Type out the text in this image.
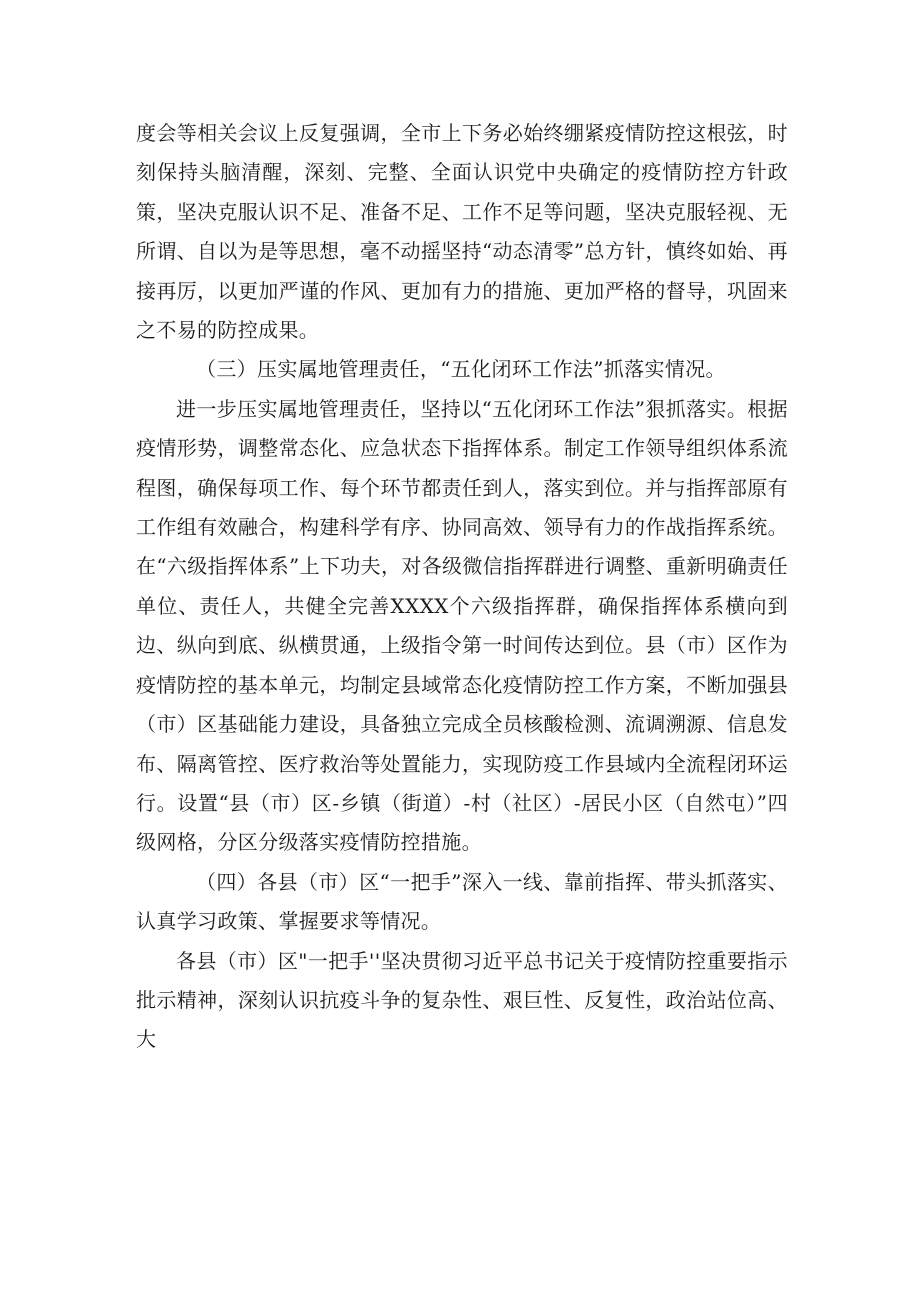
度会等相关会议上反复强调，全市上下务必始终绷紧疫情防控这根弦，时刻保持头脑清醒，深刻、完整、全面认识党中央确定的疫情防控方针政策，坚决克服认识不足、准备不足、工作不足等问题，坚决克服轻视、无所谓、自以为是等思想，毫不动摇坚持“动态清零”总方针，慎终如始、再接再厉，以更加严谨的作风、更加有力的措施、更加严格的督导，巩固来之不易的防控成果。

（三）压实属地管理责任，“五化闭环工作法”抓落实情况。

进一步压实属地管理责任，坚持以“五化闭环工作法”狠抓落实。根据疫情形势，调整常态化、应急状态下指挥体系。制定工作领导组织体系流程图，确保每项工作、每个环节都责任到人，落实到位。并与指挥部原有工作组有效融合，构建科学有序、协同高效、领导有力的作战指挥系统。在“六级指挥体系”上下功夫，对各级微信指挥群进行调整、重新明确责任单位、责任人，共健全完善XXXX个六级指挥群，确保指挥体系横向到边、纵向到底、纵横贯通，上级指令第一时间传达到位。县（市）区作为疫情防控的基本单元，均制定县域常态化疫情防控工作方案，不断加强县（市）区基础能力建设，具备独立完成全员核酸检测、流调溯源、信息发布、隔离管控、医疗救治等处置能力，实现防疫工作县域内全流程闭环运行。设置“县（市）区-乡镇（街道）-村（社区）-居民小区（自然屯）”四级网格，分区分级落实疫情防控措施。

（四）各县（市）区“一把手”深入一线、靠前指挥、带头抓落实、认真学习政策、掌握要求等情况。

各县（市）区"一把手''坚决贯彻习近平总书记关于疫情防控重要指示批示精神，深刻认识抗疫斗争的复杂性、艰巨性、反复性，政治站位高、大
